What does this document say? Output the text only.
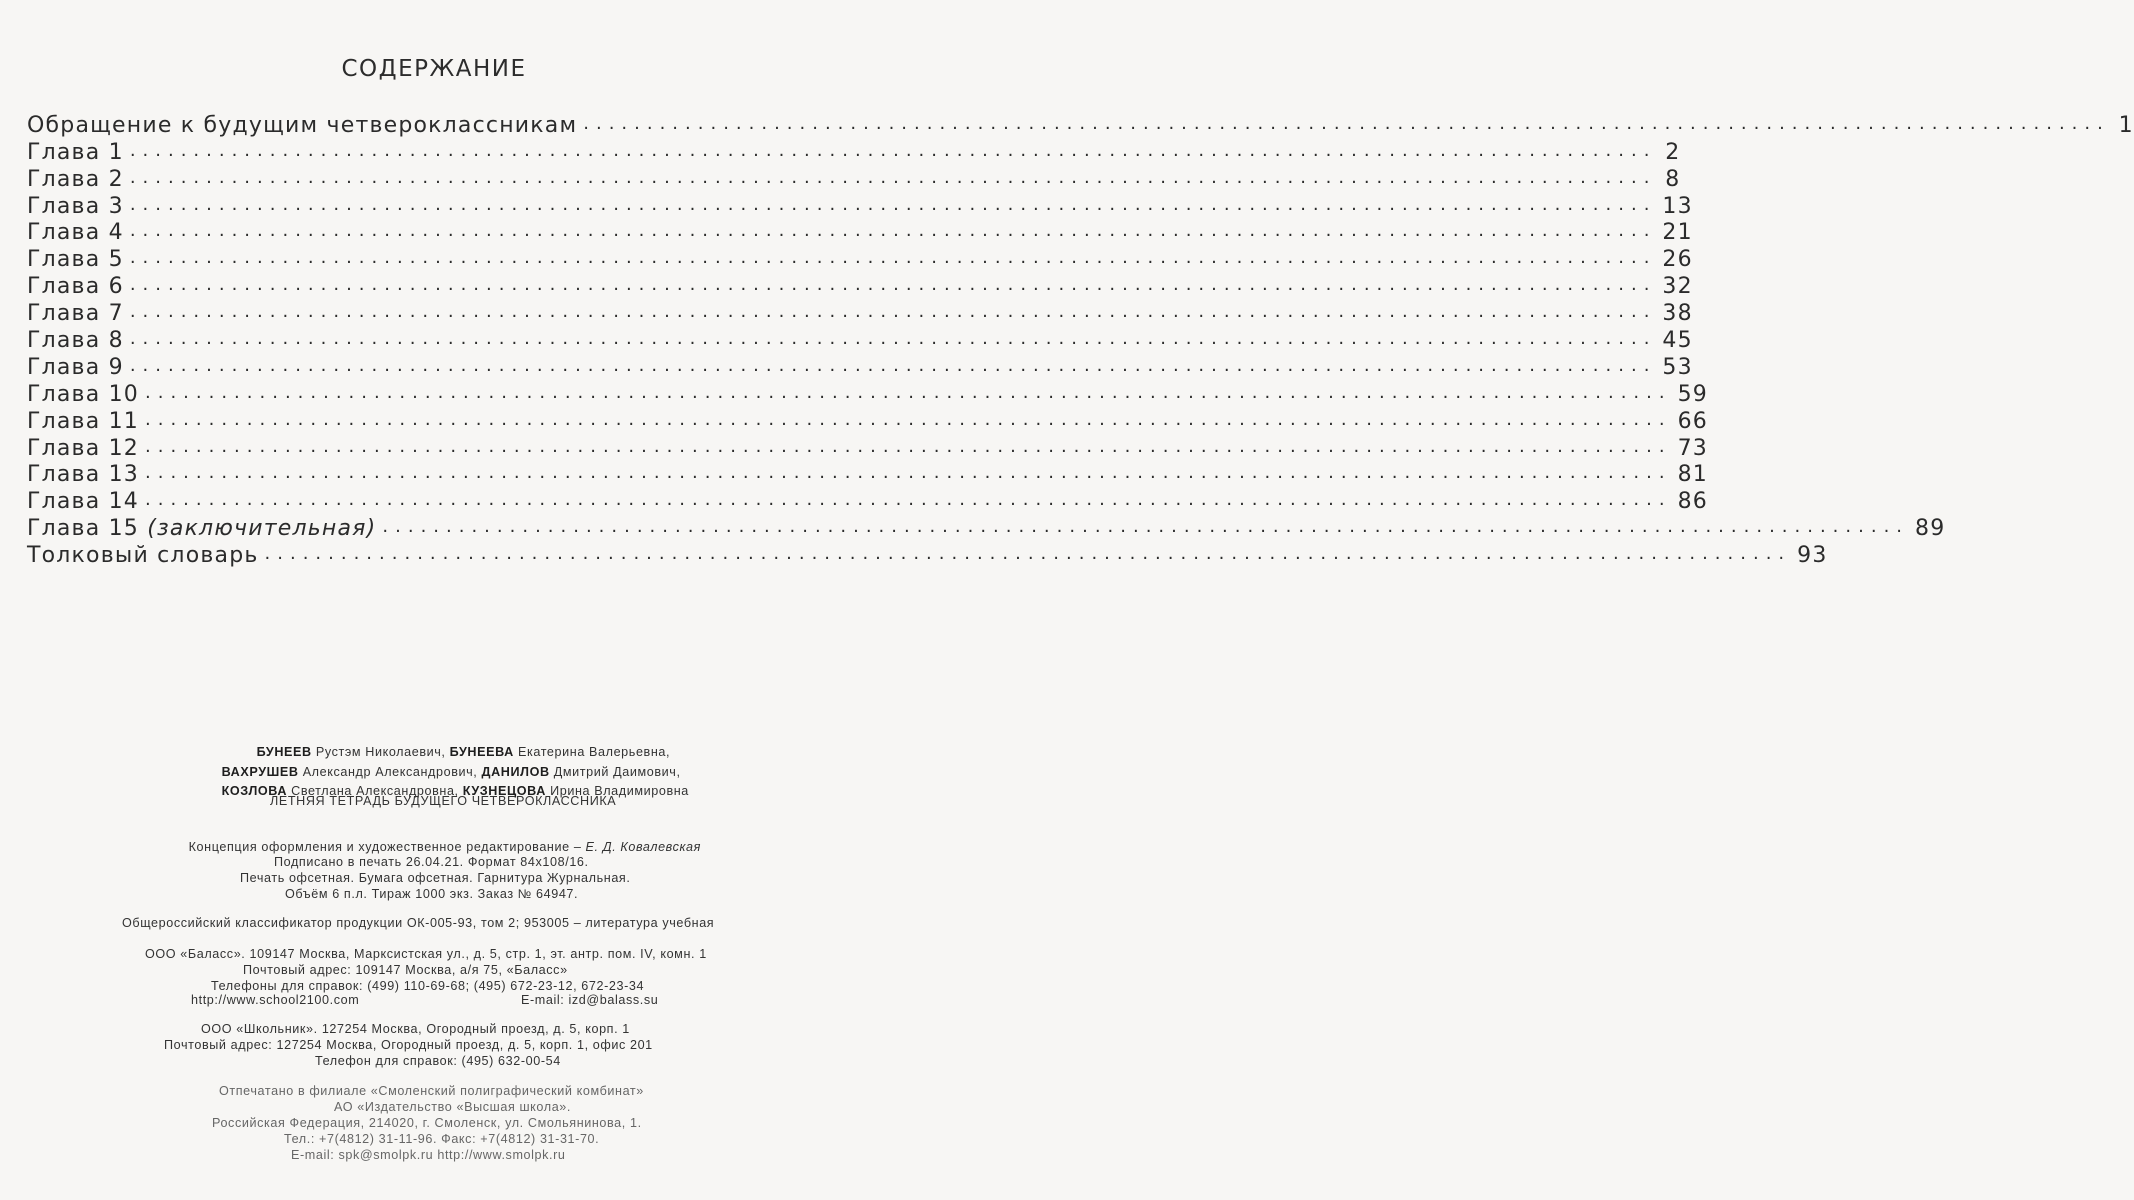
СОДЕРЖАНИЕ
Обращение к будущим четвероклассникам ........................................................................................................................ 1
Глава 1 ........................................................................................................................ 2
Глава 2 ........................................................................................................................ 8
Глава 3 ........................................................................................................................ 13
Глава 4 ........................................................................................................................ 21
Глава 5 ........................................................................................................................ 26
Глава 6 ........................................................................................................................ 32
Глава 7 ........................................................................................................................ 38
Глава 8 ........................................................................................................................ 45
Глава 9 ........................................................................................................................ 53
Глава 10 ........................................................................................................................ 59
Глава 11 ........................................................................................................................ 66
Глава 12 ........................................................................................................................ 73
Глава 13 ........................................................................................................................ 81
Глава 14 ........................................................................................................................ 86
Глава 15 (заключительная) ........................................................................................................................ 89
Толковый словарь ........................................................................................................................ 93

БУНЕЕВ Рустэм Николаевич, БУНЕЕВА Екатерина Валерьевна,

ВАХРУШЕВ Александр Александрович, ДАНИЛОВ Дмитрий Даимович,

КОЗЛОВА Светлана Александровна, КУЗНЕЦОВА Ирина Владимировна

ЛЕТНЯЯ ТЕТРАДЬ БУДУЩЕГО ЧЕТВЕРОКЛАССНИКА

Концепция оформления и художественное редактирование – Е. Д. Ковалевская

Подписано в печать 26.04.21. Формат 84х108/16.
Печать офсетная. Бумага офсетная. Гарнитура Журнальная.
Объём 6 п.л. Тираж 1000 экз. Заказ № 64947.
Общероссийский классификатор продукции ОК-005-93, том 2; 953005 – литература учебная
ООО «Баласс». 109147 Москва, Марксистская ул., д. 5, стр. 1, эт. антр. пом. IV, комн. 1
Почтовый адрес: 109147 Москва, а/я 75, «Баласс»
Телефоны для справок: (499) 110-69-68; (495) 672-23-12, 672-23-34
http://www.school2100.com	E-mail: izd@balass.su
ООО «Школьник». 127254 Москва, Огородный проезд, д. 5, корп. 1
Почтовый адрес: 127254 Москва, Огородный проезд, д. 5, корп. 1, офис 201
Телефон для справок: (495) 632-00-54
Отпечатано в филиале «Смоленский полиграфический комбинат»
АО «Издательство «Высшая школа».
Российская Федерация, 214020, г. Смоленск, ул. Смольянинова, 1.
Тел.: +7(4812) 31-11-96. Факс: +7(4812) 31-31-70.
E-mail: spk@smolpk.ru http://www.smolpk.ru
